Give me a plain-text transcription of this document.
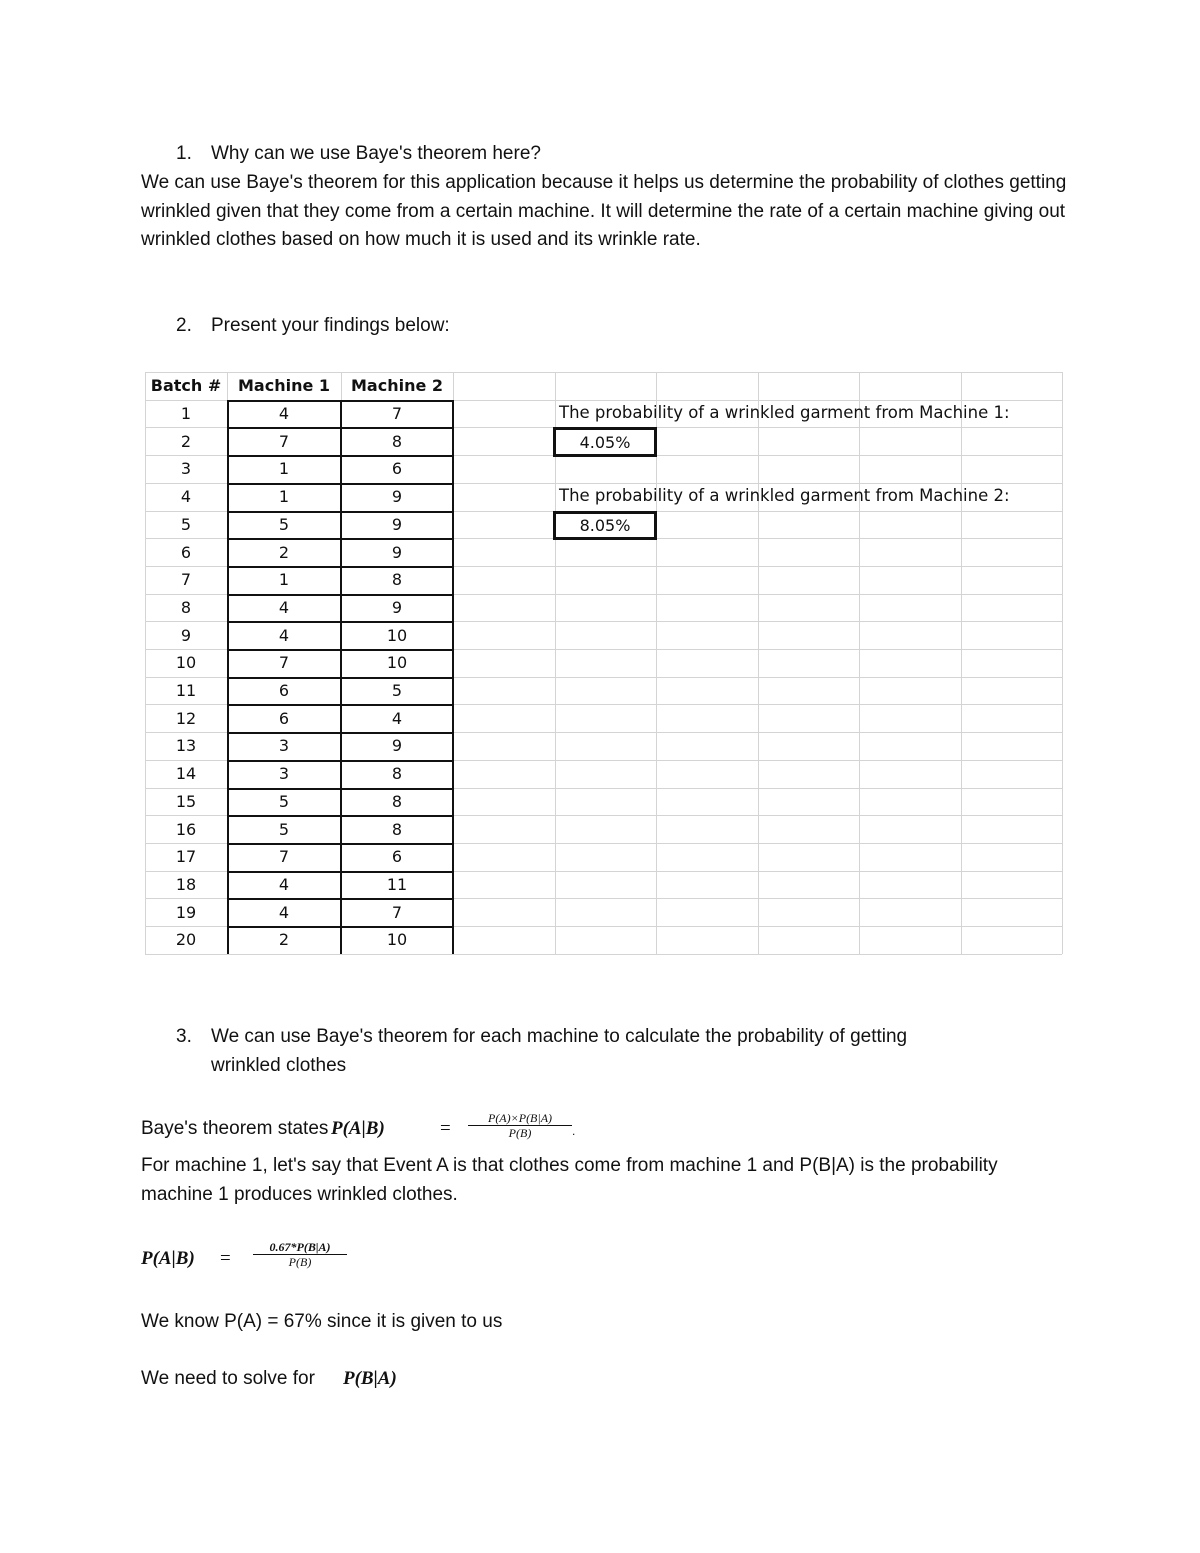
1. Why can we use Baye's theorem here?
We can use Baye's theorem for this application because it helps us determine the probability of clothes getting wrinkled given that they come from a certain machine. It will determine the rate of a certain machine giving out wrinkled clothes based on how much it is used and its wrinkle rate.
2. Present your findings below:
Batch #	Machine 1	Machine 2
1	4	7
2	7	8
3	1	6
4	1	9
5	5	9
6	2	9
7	1	8
8	4	9
9	4	10
10	7	10
11	6	5
12	6	4
13	3	9
14	3	8
15	5	8
16	5	8
17	7	6
18	4	11
19	4	7
20	2	10
The probability of a wrinkled garment from Machine 1:
4.05%
The probability of a wrinkled garment from Machine 2:
8.05%
3. We can use Baye's theorem for each machine to calculate the probability of getting
wrinkled clothes
Baye's theorem states P(A|B)	= $\frac{P(A)\times P(B|A)}{P(B)}$ .
For machine 1, let's say that Event A is that clothes come from machine 1 and P(B|A) is the probability machine 1 produces wrinkled clothes.
$P(A|B) = \frac{0.67*P(B|A)}{P(B)}$
We know P(A) = 67% since it is given to us
We need to solve for P(B|A)
